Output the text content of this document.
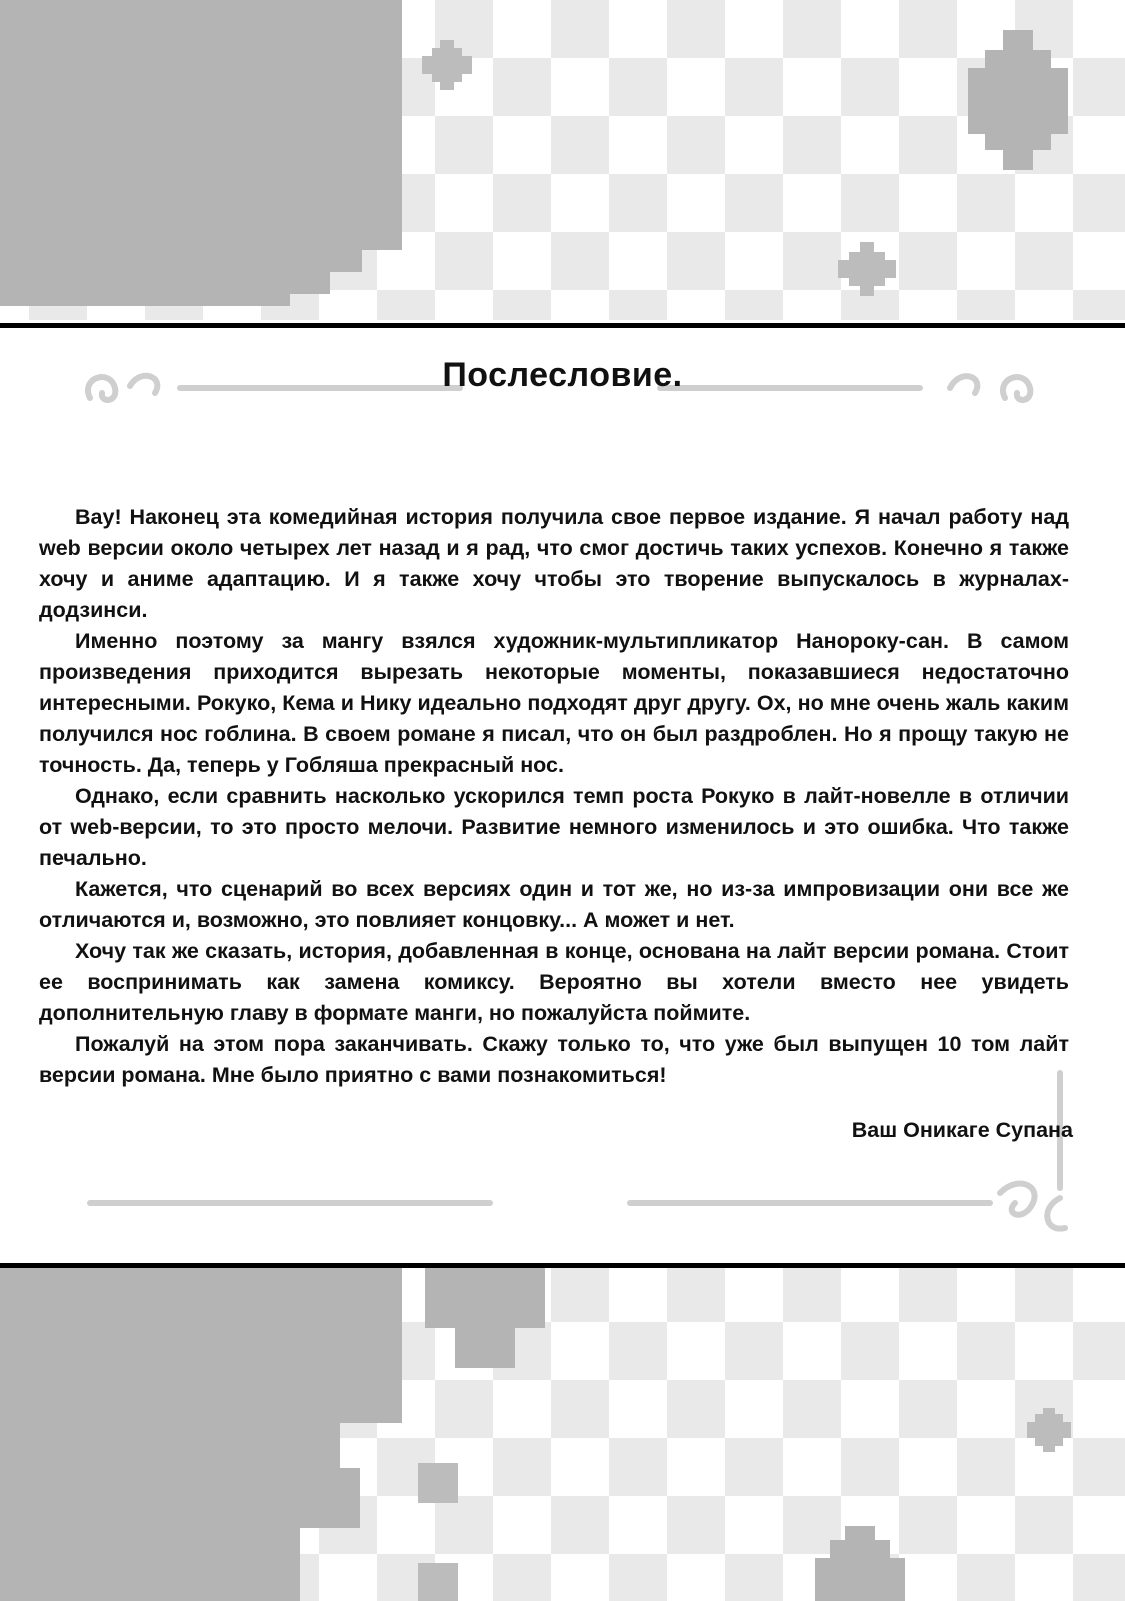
Послесловие.

Вау! Наконец эта комедийная история получила свое первое издание. Я начал работу над web версии около четырех лет назад и я рад, что смог достичь таких успехов. Конечно я также хочу и аниме адаптацию. И я также хочу чтобы это творение выпускалось в журналах-додзинси.

Именно поэтому за мангу взялся художник-мультипликатор Нанороку-сан. В самом произведения приходится вырезать некоторые моменты, показавшиеся недостаточно интересными. Рокуко, Кема и Нику идеально подходят друг другу. Ох, но мне очень жаль каким получился нос гоблина. В своем романе я писал, что он был раздроблен. Но я прощу такую не точность. Да, теперь у Гобляша прекрасный нос.

Однако, если сравнить насколько ускорился темп роста Рокуко в лайт-новелле в отличии от web-версии, то это просто мелочи. Развитие немного изменилось и это ошибка. Что также печально.

Кажется, что сценарий во всех версиях один и тот же, но из-за импровизации они все же отличаются и, возможно, это повлияет концовку... А может и нет.

Хочу так же сказать, история, добавленная в конце, основана на лайт версии романа. Стоит ее воспринимать как замена комиксу. Вероятно вы хотели вместо нее увидеть дополнительную главу в формате манги, но пожалуйста поймите.

Пожалуй на этом пора заканчивать. Скажу только то, что уже был выпущен 10 том лайт версии романа. Мне было приятно с вами познакомиться!

Ваш Оникаге Супана
